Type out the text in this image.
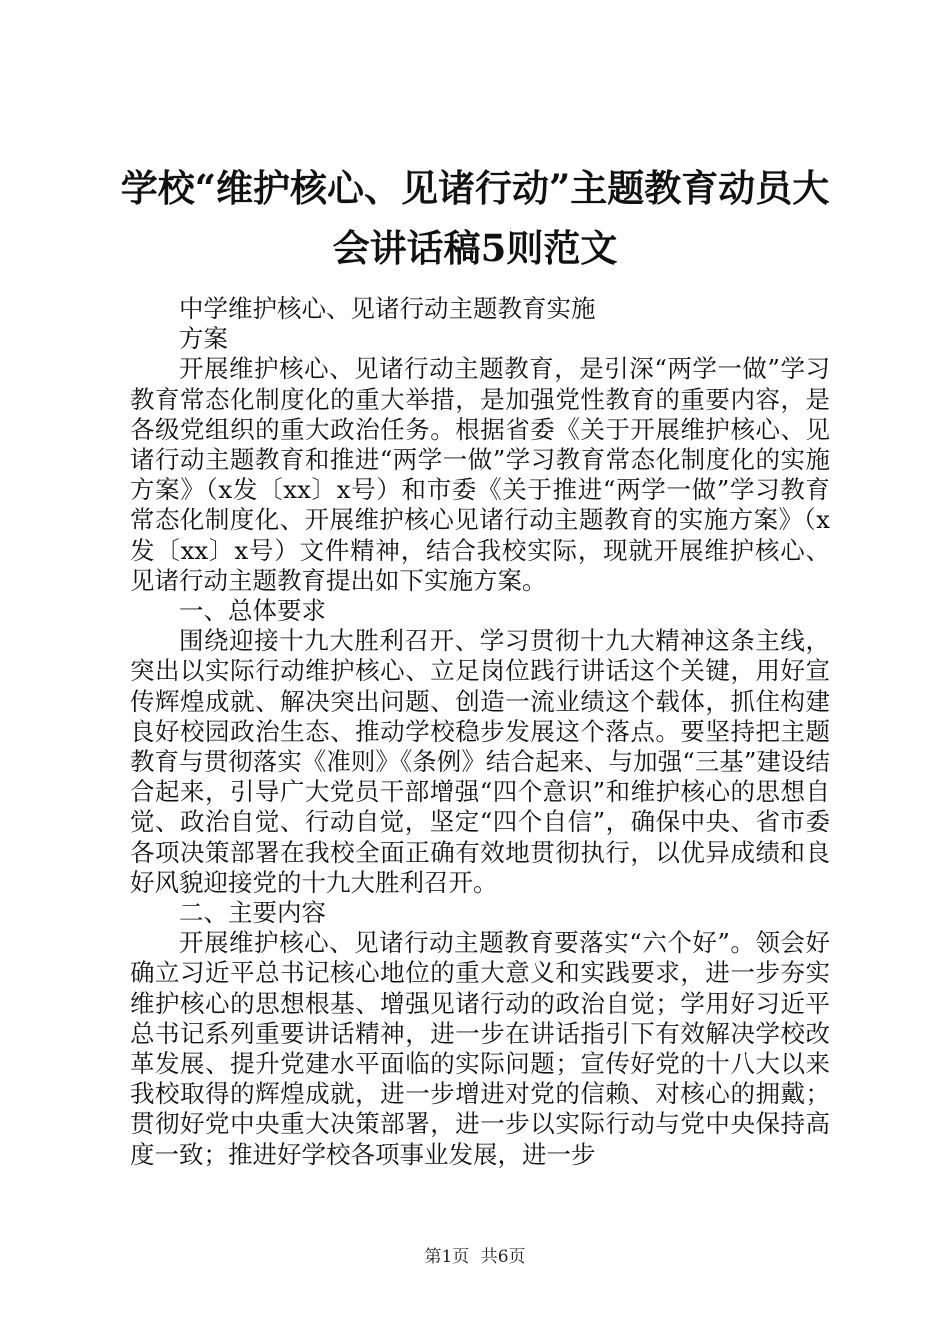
学校“维护核心、见诸行动”主题教育动员大
会讲话稿5则范文

中学维护核心、见诸行动主题教育实施

方案

开展维护核心、见诸行动主题教育，是引深“两学一做”学习教育常态化制度化的重大举措，是加强党性教育的重要内容，是各级党组织的重大政治任务。根据省委《关于开展维护核心、见诸行动主题教育和推进“两学一做”学习教育常态化制度化的实施方案》（x发〔xx〕x号）和市委《关于推进“两学一做”学习教育常态化制度化、开展维护核心见诸行动主题教育的实施方案》（x发〔xx〕x号）文件精神，结合我校实际，现就开展维护核心、见诸行动主题教育提出如下实施方案。

一、总体要求

围绕迎接十九大胜利召开、学习贯彻十九大精神这条主线，突出以实际行动维护核心、立足岗位践行讲话这个关键，用好宣传辉煌成就、解决突出问题、创造一流业绩这个载体，抓住构建良好校园政治生态、推动学校稳步发展这个落点。要坚持把主题教育与贯彻落实《准则》《条例》结合起来、与加强“三基”建设结合起来，引导广大党员干部增强“四个意识”和维护核心的思想自觉、政治自觉、行动自觉，坚定“四个自信”，确保中央、省市委各项决策部署在我校全面正确有效地贯彻执行，以优异成绩和良好风貌迎接党的十九大胜利召开。

二、主要内容

开展维护核心、见诸行动主题教育要落实“六个好”。领会好确立习近平总书记核心地位的重大意义和实践要求，进一步夯实维护核心的思想根基、增强见诸行动的政治自觉；学用好习近平总书记系列重要讲话精神，进一步在讲话指引下有效解决学校改革发展、提升党建水平面临的实际问题；宣传好党的十八大以来我校取得的辉煌成就，进一步增进对党的信赖、对核心的拥戴；贯彻好党中央重大决策部署，进一步以实际行动与党中央保持高度一致；推进好学校各项事业发展，进一步

第1页 共6页
